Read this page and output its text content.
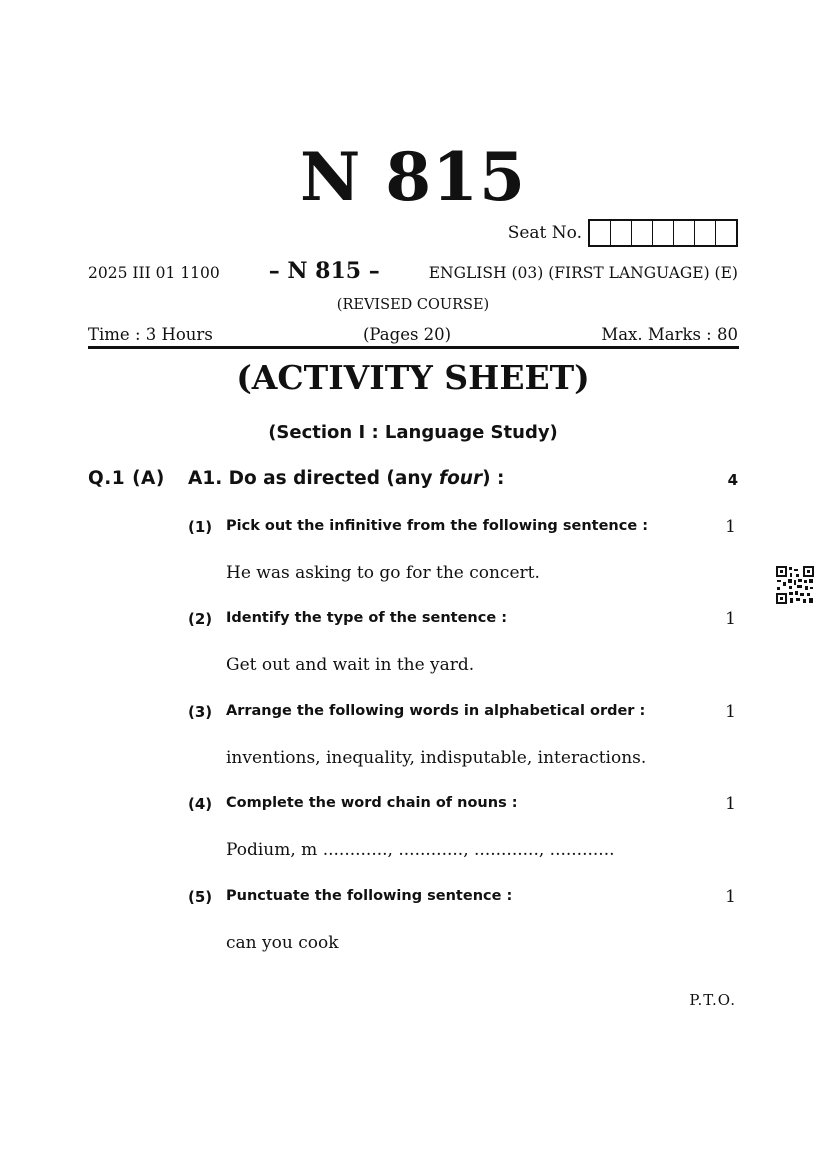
N 815
Seat No.
2025 III 01 1100 – N 815 –	ENGLISH (03) (FIRST LANGUAGE) (E)
(REVISED COURSE)
Time : 3 Hours	(Pages 20)	Max. Marks : 80
(ACTIVITY SHEET)
(Section I : Language Study)
Q.1 (A) A1. Do as directed (any four) :	4
(1) Pick out the infinitive from the following sentence :	1
He was asking to go for the concert.
(2) Identify the type of the sentence :	1
Get out and wait in the yard.
(3) Arrange the following words in alphabetical order :	1
inventions, inequality, indisputable, interactions.
(4) Complete the word chain of nouns :	1
Podium, m ............, ............, ............, ............
(5) Punctuate the following sentence :	1
can you cook
P.T.O.
